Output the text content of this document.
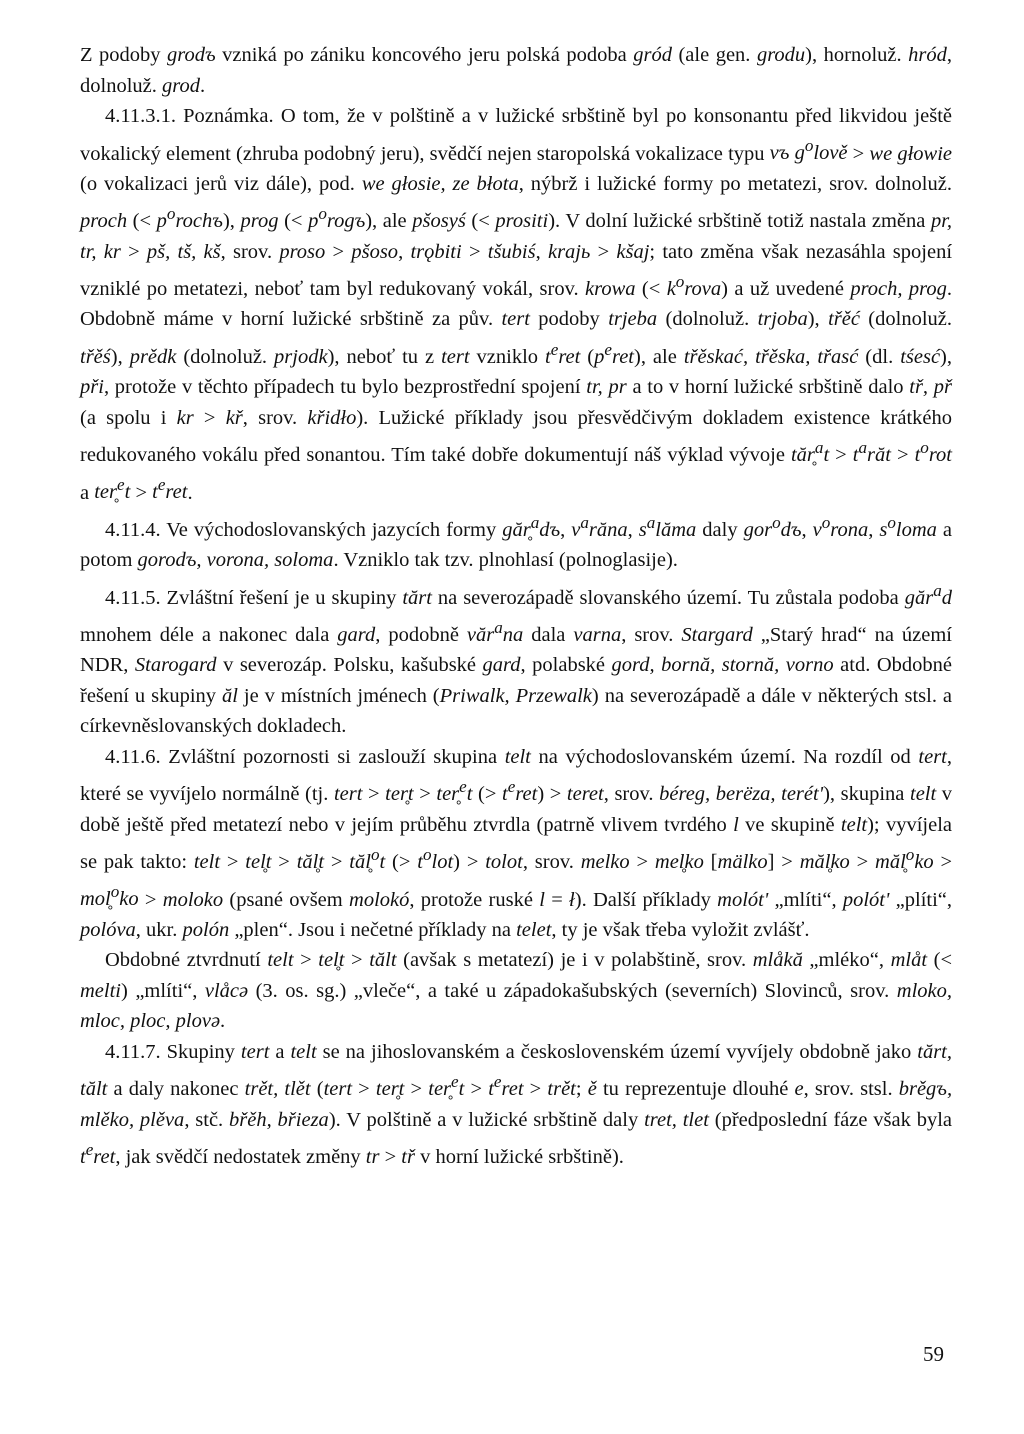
Z podoby grodъ vzniká po zániku koncového jeru polská podoba gród (ale gen. grodu), hornoluž. hród, dolnoluž. grod.

4.11.3.1. Poznámka. O tom, že v polštině a v lužické srbštině byl po konsonantu před likvidou ještě vokalický element (zhruba podobný jeru), svědčí nejen staropolská vokalizace typu vъ $g^olově$ > we głowie (o vokalizaci jerů viz dále), pod. we głosie, ze błota, nýbrž i lužické formy po metatezi, srov. dolnoluž. proch (< $p^orochъ$), prog (< $p^orogъ$), ale pšosyś (< prositi). V dolní lužické srbštině totiž nastala změna pr, tr, kr > pš, tš, kš, srov. proso > pšoso, trǫbiti > tšubiś, krajь > kšaj; tato změna však nezasáhla spojení vzniklé po metatezi, neboť tam byl redukovaný vokál, srov. krowa (< $k^orova$) a už uvedené proch, prog. Obdobně máme v horní lužické srbštině za pův. tert podoby trjeba (dolnoluž. trjoba), třěć (dolnoluž. třěś), prědk (dolnoluž. prjodk), neboť tu z tert vzniklo $t^eret$ $(p^eret)$, ale třěskać, třěska, třasć (dl. tśesć), při, protože v těchto případech tu bylo bezprostřední spojení tr, pr a to v horní lužické srbštině dalo tř, př (a spolu i kr > kř, srov. křidło). Lužické příklady jsou přesvědčivým dokladem existence krátkého redukovaného vokálu před sonantou. Tím také dobře dokumentují náš výklad vývoje tăr̥$^a$t > $t^arăt > t^orot$ a ter̥$^e$t > $t^eret$.

4.11.4. Ve východoslovanských jazycích formy găr̥$^a$dъ, $v^arăna$, $s^alăma$ daly gor$^o$dъ, $v^orona$, $s^oloma$ a potom gorodъ, vorona, soloma. Vzniklo tak tzv. plnohlasí (polnoglasije).

4.11.5. Zvláštní řešení je u skupiny tărt na severozápadě slovanského území. Tu zůstala podoba găr$^a$d mnohem déle a nakonec dala gard, podobně văr$^a$na dala varna, srov. Stargard „Starý hrad“ na území NDR, Starogard v severozáp. Polsku, kašubské gard, polabské gord, bornă, stornă, vorno atd. Obdobné řešení u skupiny ăl je v místních jménech (Priwalk, Przewalk) na severozápadě a dále v některých stsl. a církevněslovanských dokladech.

4.11.6. Zvláštní pozornosti si zaslouží skupina telt na východoslovanském území. Na rozdíl od tert, které se vyvíjelo normálně (tj. tert > ter̥t > ter̥$^e$t (> $t^eret$) > teret, srov. béreg, berëza, terét'), skupina telt v době ještě před metatezí nebo v jejím průběhu ztvrdla (patrně vlivem tvrdého l ve skupině telt); vyvíjela se pak takto: telt > tel̥t > tăl̥t > tăl̥$^o$t (> $t^olot$) > tolot, srov. melko > mel̥ko [mälko] > măl̥ko > măl̥$^o$ko > mol̥$^o$ko > moloko (psané ovšem molokó, protože ruské l = ł). Další příklady molót' „mlíti“, polót' „plíti“, polóva, ukr. polón „plen“. Jsou i nečetné příklady na telet, ty je však třeba vyložit zvlášť.

Obdobné ztvrdnutí telt > tel̥t > tălt (avšak s metatezí) je i v polabštině, srov. mlåkă „mléko“, mlåt (< melti) „mlíti“, vlåcə (3. os. sg.) „vleče“, a také u západokašubských (severních) Slovinců, srov. mloko, mloc, ploc, plovə.

4.11.7. Skupiny tert a telt se na jihoslovanském a československém území vyvíjely obdobně jako tărt, tălt a daly nakonec trět, tlět (tert > ter̥t > ter̥$^e$t > $t^eret$ > trět; ě tu reprezentuje dlouhé e, srov. stsl. brěgъ, mlěko, plěva, stč. břěh, břieza). V polštině a v lužické srbštině daly tret, tlet (předposlední fáze však byla $t^eret$, jak svědčí nedostatek změny tr > tř v horní lužické srbštině).

59
